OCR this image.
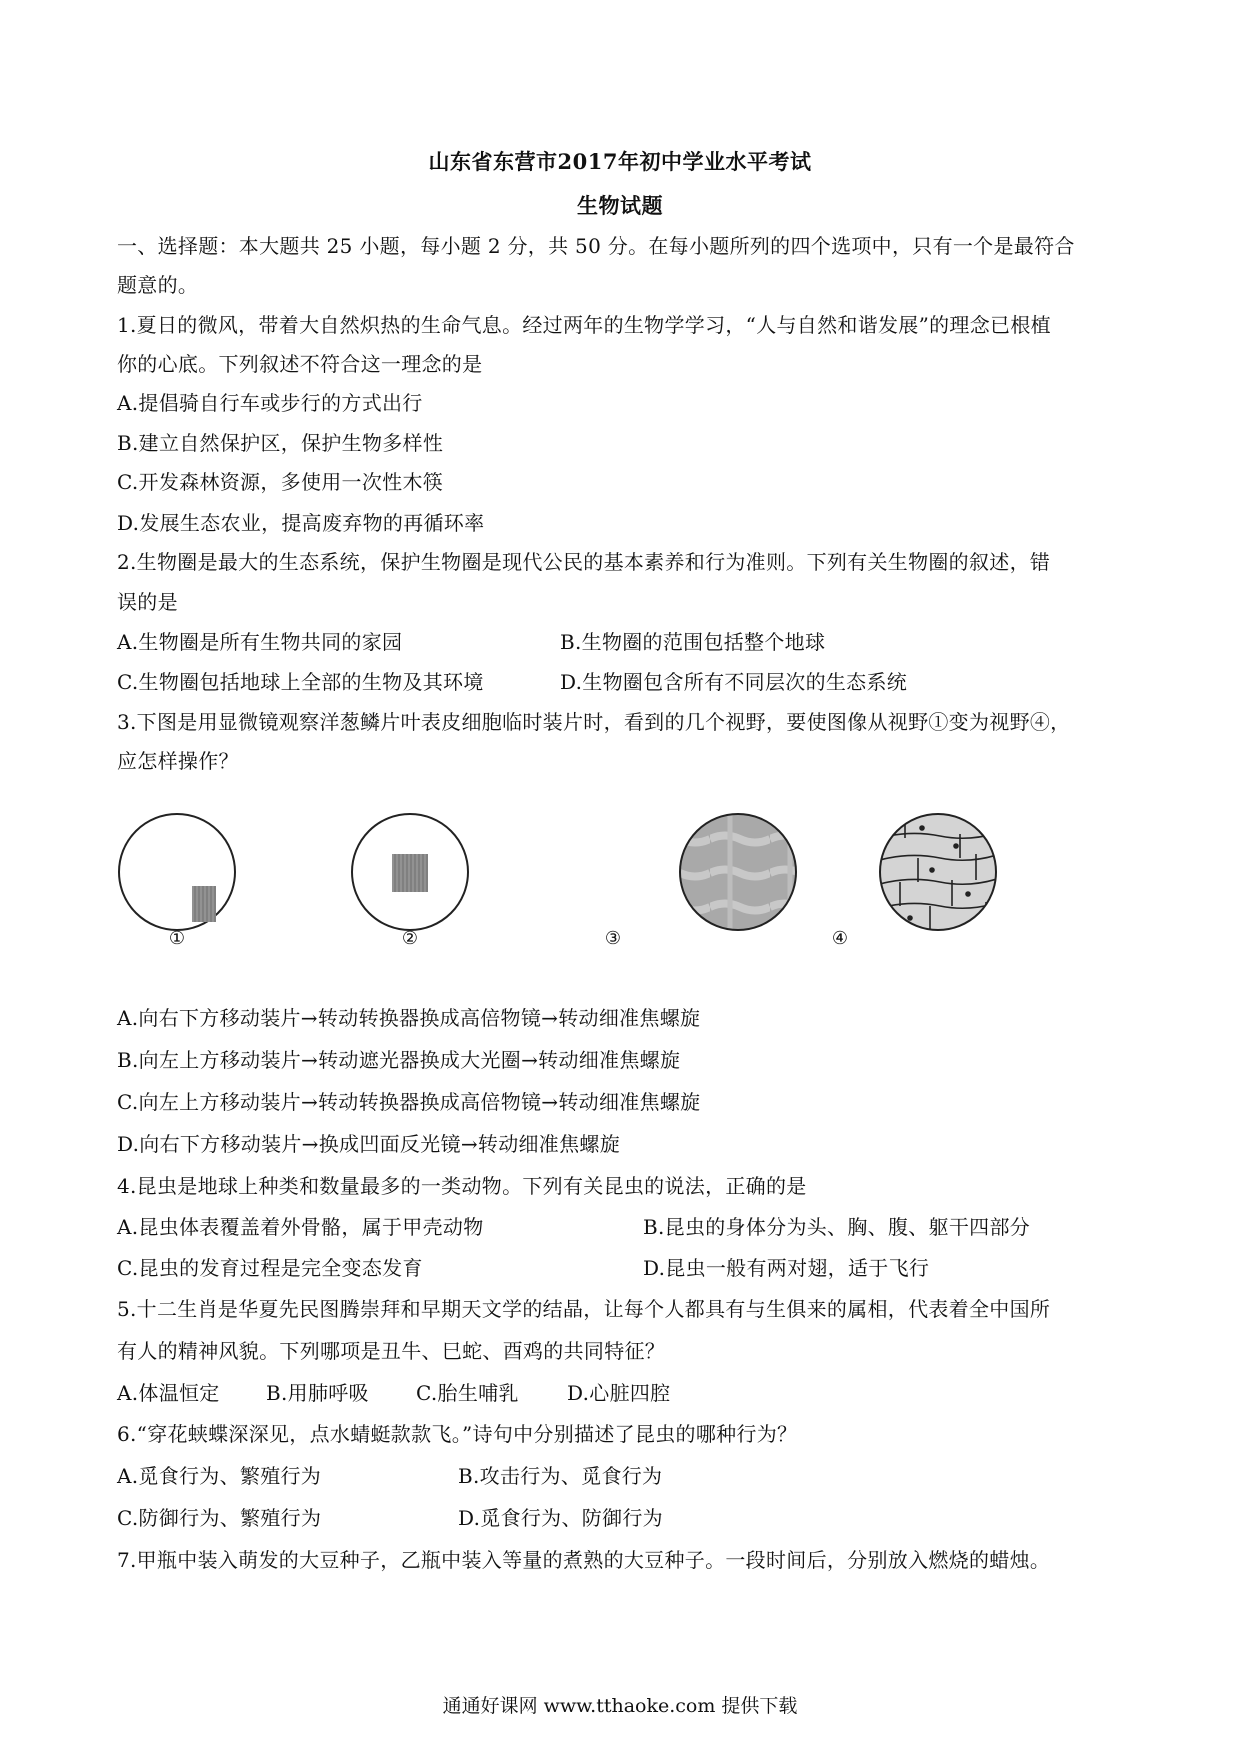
山东省东营市2017年初中学业水平考试
生物试题
一、选择题：本大题共 25 小题，每小题 2 分，共 50 分。在每小题所列的四个选项中，只有一个是最符合
题意的。
1.夏日的微风，带着大自然炽热的生命气息。经过两年的生物学学习，“人与自然和谐发展”的理念已根植
你的心底。下列叙述不符合这一理念的是
A.提倡骑自行车或步行的方式出行
B.建立自然保护区，保护生物多样性
C.开发森林资源，多使用一次性木筷
D.发展生态农业，提高废弃物的再循环率
2.生物圈是最大的生态系统，保护生物圈是现代公民的基本素养和行为准则。下列有关生物圈的叙述，错
误的是
A.生物圈是所有生物共同的家园	B.生物圈的范围包括整个地球
C.生物圈包括地球上全部的生物及其环境	D.生物圈包含所有不同层次的生态系统
3.下图是用显微镜观察洋葱鳞片叶表皮细胞临时装片时，看到的几个视野，要使图像从视野①变为视野④，
应怎样操作？
①	②	③	④
A.向右下方移动装片→转动转换器换成高倍物镜→转动细准焦螺旋
B.向左上方移动装片→转动遮光器换成大光圈→转动细准焦螺旋
C.向左上方移动装片→转动转换器换成高倍物镜→转动细准焦螺旋
D.向右下方移动装片→换成凹面反光镜→转动细准焦螺旋
4.昆虫是地球上种类和数量最多的一类动物。下列有关昆虫的说法，正确的是
A.昆虫体表覆盖着外骨骼，属于甲壳动物	B.昆虫的身体分为头、胸、腹、躯干四部分
C.昆虫的发育过程是完全变态发育	D.昆虫一般有两对翅，适于飞行
5.十二生肖是华夏先民图腾崇拜和早期天文学的结晶，让每个人都具有与生俱来的属相，代表着全中国所
有人的精神风貌。下列哪项是丑牛、巳蛇、酉鸡的共同特征？
A.体温恒定 B.用肺呼吸 C.胎生哺乳 D.心脏四腔
6.“穿花蛱蝶深深见，点水蜻蜓款款飞。”诗句中分别描述了昆虫的哪种行为？
A.觅食行为、繁殖行为	B.攻击行为、觅食行为
C.防御行为、繁殖行为	D.觅食行为、防御行为
7.甲瓶中装入萌发的大豆种子，乙瓶中装入等量的煮熟的大豆种子。一段时间后，分别放入燃烧的蜡烛。
通通好课网 www.tthaoke.com 提供下载
